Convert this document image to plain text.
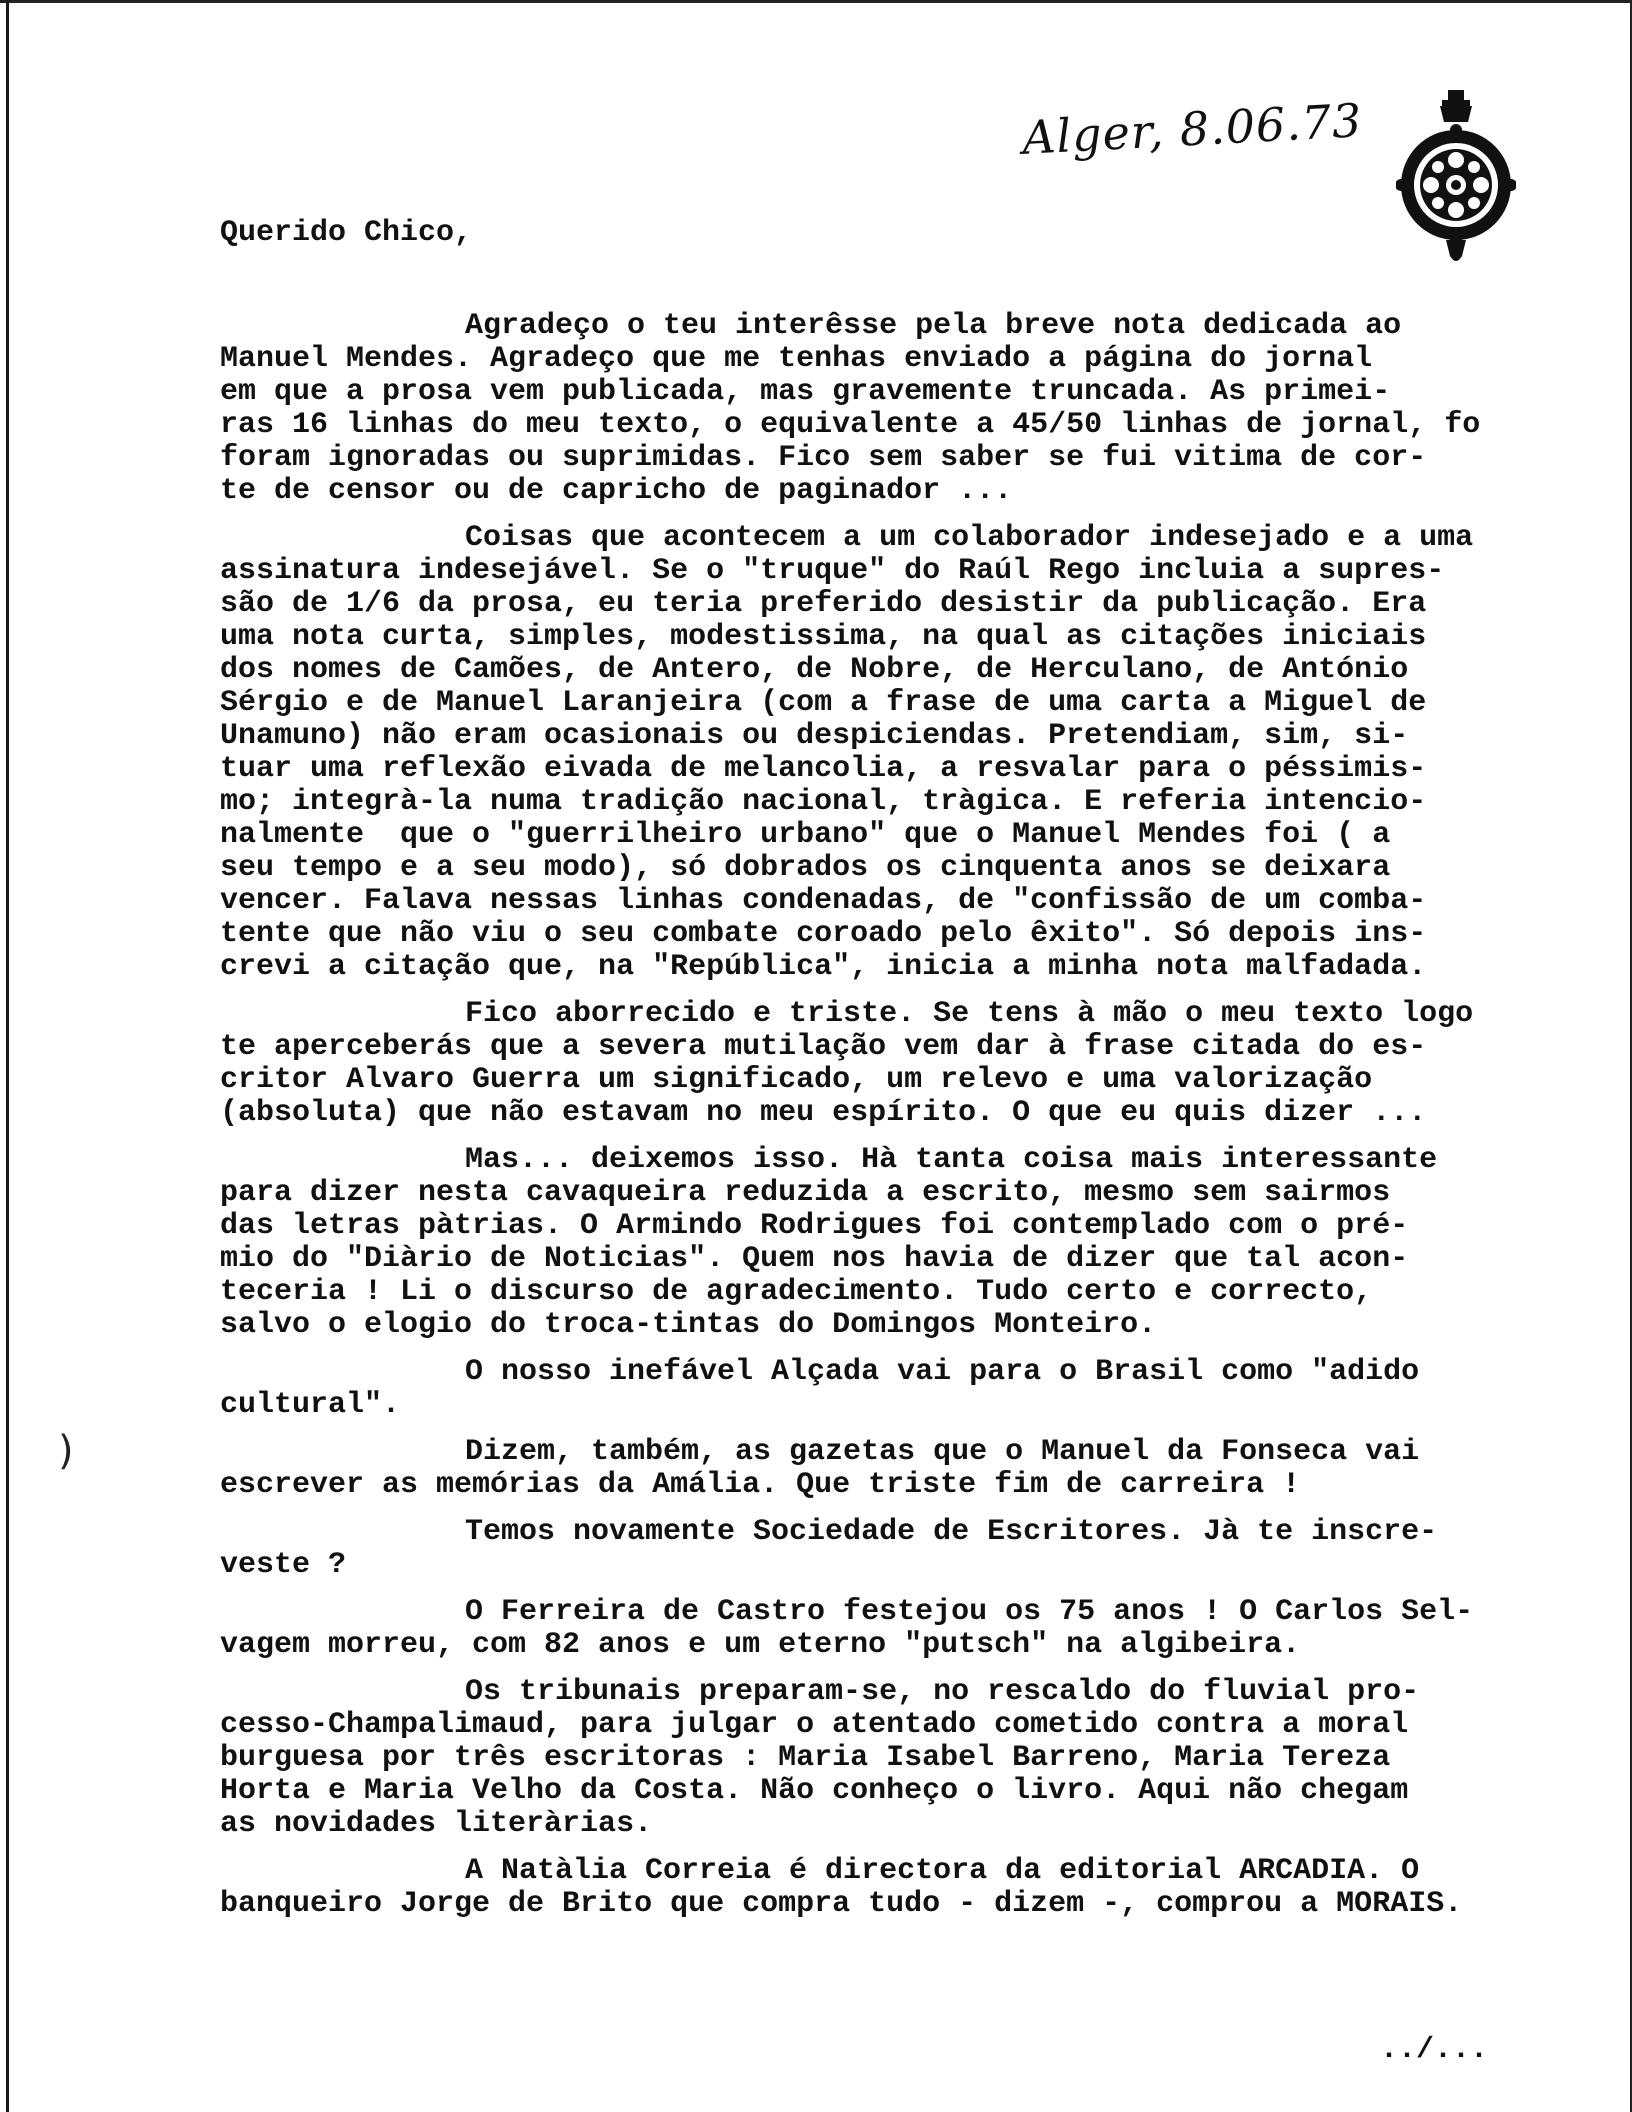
Alger, 8.06.73
Querido Chico,
Agradeço o teu interêsse pela breve nota dedicada ao
Manuel Mendes. Agradeço que me tenhas enviado a página do jornal
em que a prosa vem publicada, mas gravemente truncada. As primei-
ras 16 linhas do meu texto, o equivalente a 45/50 linhas de jornal, fo
foram ignoradas ou suprimidas. Fico sem saber se fui vitima de cor-
te de censor ou de capricho de paginador ...
Coisas que acontecem a um colaborador indesejado e a uma
assinatura indesejável. Se o "truque" do Raúl Rego incluia a supres-
são de 1/6 da prosa, eu teria preferido desistir da publicação. Era
uma nota curta, simples, modestissima, na qual as citações iniciais
dos nomes de Camões, de Antero, de Nobre, de Herculano, de António
Sérgio e de Manuel Laranjeira (com a frase de uma carta a Miguel de
Unamuno) não eram ocasionais ou despiciendas. Pretendiam, sim, si-
tuar uma reflexão eivada de melancolia, a resvalar para o péssimis-
mo; integrà-la numa tradição nacional, tràgica. E referia intencio-
nalmente  que o "guerrilheiro urbano" que o Manuel Mendes foi ( a
seu tempo e a seu modo), só dobrados os cinquenta anos se deixara
vencer. Falava nessas linhas condenadas, de "confissão de um comba-
tente que não viu o seu combate coroado pelo êxito". Só depois ins-
crevi a citação que, na "República", inicia a minha nota malfadada.
Fico aborrecido e triste. Se tens à mão o meu texto logo
te aperceberás que a severa mutilação vem dar à frase citada do es-
critor Alvaro Guerra um significado, um relevo e uma valorização
(absoluta) que não estavam no meu espírito. O que eu quis dizer ...
Mas... deixemos isso. Hà tanta coisa mais interessante
para dizer nesta cavaqueira reduzida a escrito, mesmo sem sairmos
das letras pàtrias. O Armindo Rodrigues foi contemplado com o pré-
mio do "Diàrio de Noticias". Quem nos havia de dizer que tal acon-
teceria ! Li o discurso de agradecimento. Tudo certo e correcto,
salvo o elogio do troca-tintas do Domingos Monteiro.
O nosso inefável Alçada vai para o Brasil como "adido
cultural".
Dizem, também, as gazetas que o Manuel da Fonseca vai
escrever as memórias da Amália. Que triste fim de carreira !
Temos novamente Sociedade de Escritores. Jà te inscre-
veste ?
O Ferreira de Castro festejou os 75 anos ! O Carlos Sel-
vagem morreu, com 82 anos e um eterno "putsch" na algibeira.
Os tribunais preparam-se, no rescaldo do fluvial pro-
cesso-Champalimaud, para julgar o atentado cometido contra a moral
burguesa por três escritoras : Maria Isabel Barreno, Maria Tereza
Horta e Maria Velho da Costa. Não conheço o livro. Aqui não chegam
as novidades literàrias.
A Natàlia Correia é directora da editorial ARCADIA. O
banqueiro Jorge de Brito que compra tudo - dizem -, comprou a MORAIS.
)
../...
